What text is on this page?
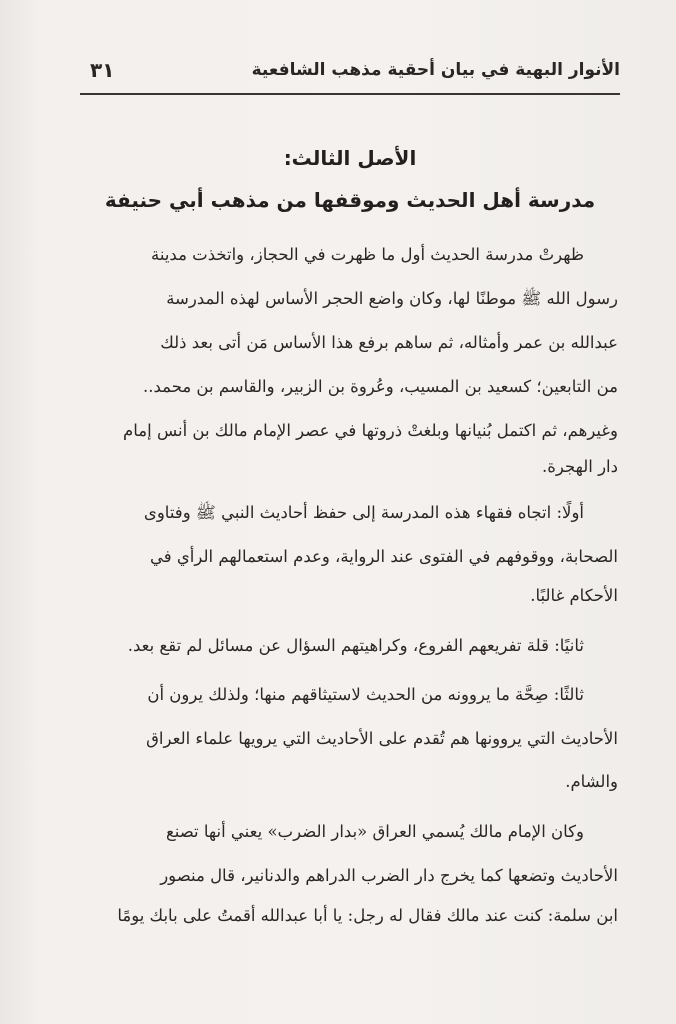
الأنوار البهية في بيان أحقية مذهب الشافعية
٣١
الأصل الثالث:
مدرسة أهل الحديث وموقفها من مذهب أبي حنيفة
ظهرتْ مدرسة الحديث أول ما ظهرت في الحجاز، واتخذت مدينة
رسول الله ﷺ موطنًا لها، وكان واضع الحجر الأساس لهذه المدرسة
عبدالله بن عمر وأمثاله، ثم ساهم برفع هذا الأساس مَن أتى بعد ذلك
من التابعين؛ كسعيد بن المسيب، وعُروة بن الزبير، والقاسم بن محمد..
وغيرهم، ثم اكتمل بُنيانها وبلغتْ ذروتها في عصر الإمام مالك بن أنس إمام
دار الهجرة.
أولًا: اتجاه فقهاء هذه المدرسة إلى حفظ أحاديث النبي ﷺ وفتاوى
الصحابة، ووقوفهم في الفتوى عند الرواية، وعدم استعمالهم الرأي في
الأحكام غالبًا.
ثانيًا: قلة تفريعهم الفروع، وكراهيتهم السؤال عن مسائل لم تقع بعد.
ثالثًا: صِحَّة ما يروونه من الحديث لاستيثاقهم منها؛ ولذلك يرون أن
الأحاديث التي يروونها هم تُقدم على الأحاديث التي يرويها علماء العراق
والشام.
وكان الإمام مالك يُسمي العراق «بدار الضرب» يعني أنها تصنع
الأحاديث وتضعها كما يخرج دار الضرب الدراهم والدنانير، قال منصور
ابن سلمة: كنت عند مالك فقال له رجل: يا أبا عبدالله أقمتُ على بابك يومًا
